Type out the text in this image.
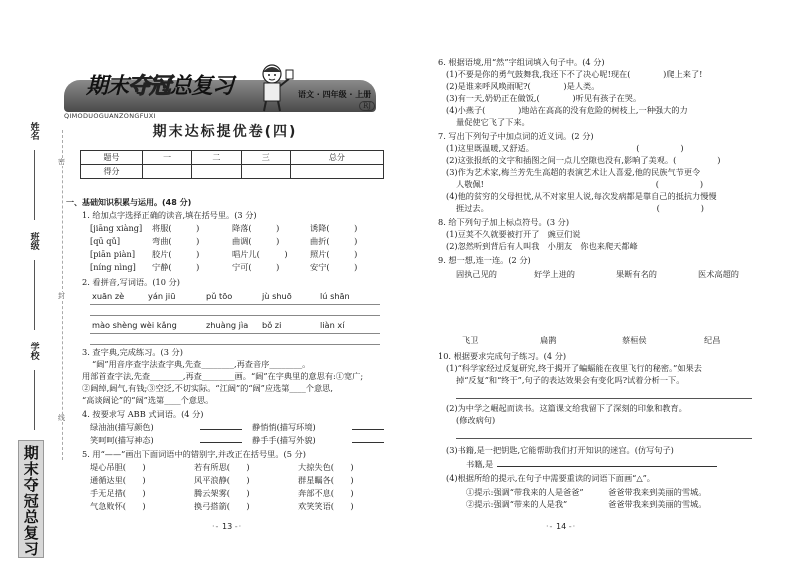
姓名
班级
学校
期末夺冠总复习
密
封
线
期末夺冠总复习	语文 · 四年级 · 上册
RJ
QIMODUOGUANZONGFUXI
期末达标提优卷(四)
题号	一	二	三	总分
得分				
一、基础知识积累与运用。(48 分)
1. 给加点字选择正确的读音,填在括号里。(3 分)
[jiāng xiàng] 将服(　　　)	降落(　　　)	诱降(　　　)
[qū qǔ]	弯曲(　　　)	曲调(　　　)	曲折(　　　)
[piān piàn] 胶片(　　　)	唱片儿(　　　)	照片(　　　)
[níng nìng] 宁静(　　　)	宁可(　　　)	安宁(　　　)
2. 看拼音,写词语。(10 分)
xuān zè	yán jiū	pǔ tōo	jù shuō	lú shān
mào shèng wèi kǎng	zhuàng jìa bǒ zi	liàn xí
3. 查字典,完成练习。(3 分)
“阔”用音序查字法查字典,先查________,再查音序________。
用部首查字法,先查________,再查________画。“阔”在字典里的意思有:①宽广;
②阔绰,阔气,有钱;③空泛,不切实际。“江阔”的“阔”应选第____个意思,
“高谈阔论”的“阔”选第____个意思。
4. 按要求写 ABB 式词语。(4 分)
绿油油(描写颜色)	静悄悄(描写环境)
笑呵呵(描写神态)	静手手(描写外貌)
5. 用“——”画出下面词语中的错别字,并改正在括号里。(5 分)
堤心吊胆(　　)	若有所思(　　)	大掠失色(　　)
通循达里(　　)	风平浪静(　　)	群星瞩各(　　)
手无足措(　　)	腾云架雾(　　)	奔部不息(　　)
气急败怀(　　)	换弓搭箭(　　)	欢笑笑语(　　)
·- 13 -·
6. 根据语境,用“然”字组词填入句子中。(4 分)
(1)不要是你的勇气鼓舞我,我还下不了决心呢!现在(　　　　)爬上来了!
(2)是谁来呼风唤雨呢?(　　　　)是人类。
(3)有一天,奶奶正在做饭,(　　　　)听见有孩子在哭。
(4)小燕子(　　　　)地站在高高的没有危险的树枝上,一种强大的力
量促使它飞了下来。
7. 写出下列句子中加点词的近义词。(2 分)
(1)这里既温暖,又舒适。　　　　　　　　　　　　　(　　　　　)
(2)这张报纸的文字和插图之间一点儿空隙也没有,影响了美观。(　　　　　)
(3)作为艺术家,梅兰芳先生高超的表演艺术让人喜爱,他的民族气节更令
人敬佩!　　　　　　　　　　　　　　　　　　　　　(　　　　　)
(4)他的贫穷的父母担忧,从不对家里人说,每次发病都是靠自己的抵抗力慢慢
捱过去。　　　　　　　　　　　　　　　　　　　　　(　　　　　)
8. 给下列句子加上标点符号。(3 分)
(1)豆荚不久就要被打开了　豌豆们说
(2)忽然听到背后有人叫我　小朋友　你也来爬天都峰
9. 想一想,连一连。(2 分)
固执己见的	好学上进的	果断有名的	医术高超的
飞卫	扁鹊	蔡桓侯	纪昌
10. 根据要求完成句子练习。(4 分)
(1)“科学家经过反复研究,终于揭开了蝙蝠能在夜里飞行的秘密。”如果去
掉“反复”和“终于”,句子的表达效果会有变化吗?试着分析一下。
(2)为中学之崛起而读书。这篇课文给我留下了深刻的印象和教育。
(修改病句)
(3)书籍,是一把钥匙,它能帮助我们打开知识的迷宫。(仿写句子)
书籍,是
(4)根据所给的提示,在句子中需要重读的词语下面画“△”。
①提示:强调“带我来的人是爸爸”　　　爸爸带我来到美丽的雪城。
②提示:强调“带来的人是我”　　　　　爸爸带我来到美丽的雪城。
·- 14 -·
